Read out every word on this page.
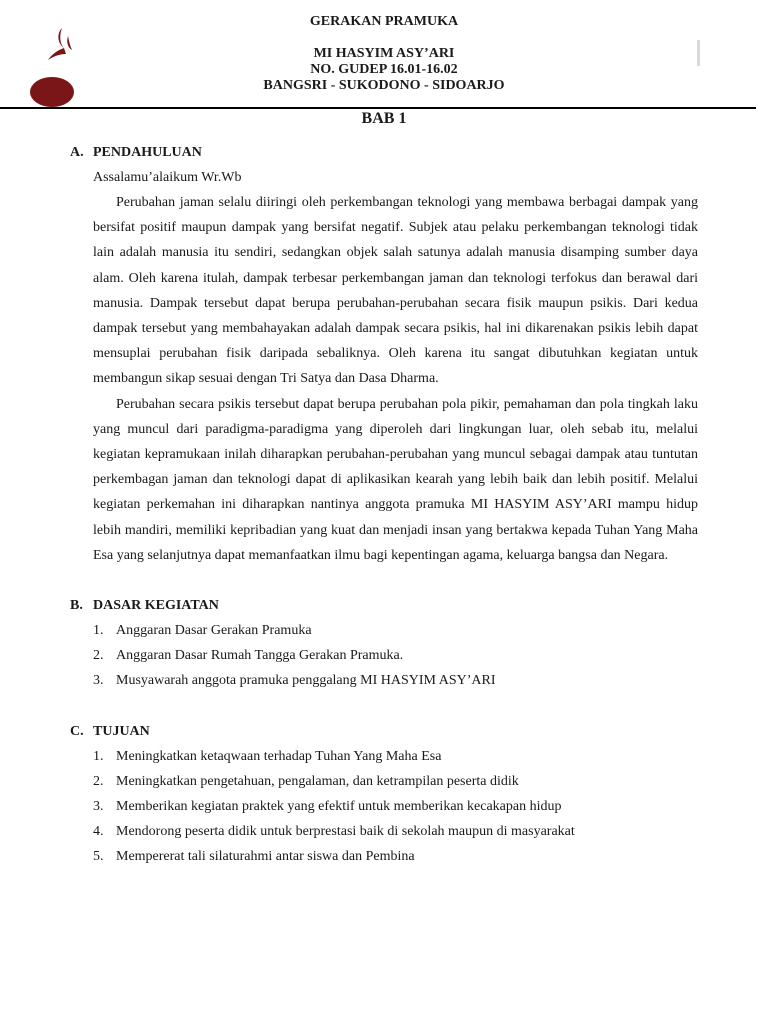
GERAKAN PRAMUKA
MI HASYIM ASY’ARI
NO. GUDEP 16.01-16.02
BANGSRI - SUKODONO - SIDOARJO
BAB 1
A. PENDAHULUAN
Assalamu’alaikum Wr.Wb

Perubahan jaman selalu diiringi oleh perkembangan teknologi yang membawa berbagai dampak yang bersifat positif maupun dampak yang bersifat negatif. Subjek atau pelaku perkembangan teknologi tidak lain adalah manusia itu sendiri, sedangkan objek salah satunya adalah manusia disamping sumber daya alam. Oleh karena itulah, dampak terbesar perkembangan jaman dan teknologi terfokus dan berawal dari manusia. Dampak tersebut dapat berupa perubahan-perubahan secara fisik maupun psikis. Dari kedua dampak tersebut yang membahayakan adalah dampak secara psikis, hal ini dikarenakan psikis lebih dapat mensuplai perubahan fisik daripada sebaliknya. Oleh karena itu sangat dibutuhkan kegiatan untuk membangun sikap sesuai dengan Tri Satya dan Dasa Dharma.

Perubahan secara psikis tersebut dapat berupa perubahan pola pikir, pemahaman dan pola tingkah laku yang muncul dari paradigma-paradigma yang diperoleh dari lingkungan luar, oleh sebab itu, melalui kegiatan kepramukaan inilah diharapkan perubahan-perubahan yang muncul sebagai dampak atau tuntutan perkembagan jaman dan teknologi dapat di aplikasikan kearah yang lebih baik dan lebih positif. Melalui kegiatan perkemahan ini diharapkan nantinya anggota pramuka MI HASYIM ASY’ARI mampu hidup lebih mandiri, memiliki kepribadian yang kuat dan menjadi insan yang bertakwa kepada Tuhan Yang Maha Esa yang selanjutnya dapat memanfaatkan ilmu bagi kepentingan agama, keluarga bangsa dan Negara.

B. DASAR KEGIATAN
1. Anggaran Dasar Gerakan Pramuka
2. Anggaran Dasar Rumah Tangga Gerakan Pramuka.
3. Musyawarah anggota pramuka penggalang MI HASYIM ASY’ARI
C. TUJUAN
1. Meningkatkan ketaqwaan terhadap Tuhan Yang Maha Esa
2. Meningkatkan pengetahuan, pengalaman, dan ketrampilan peserta didik
3. Memberikan kegiatan praktek yang efektif untuk memberikan kecakapan hidup
4. Mendorong peserta didik untuk berprestasi baik di sekolah maupun di masyarakat
5. Mempererat tali silaturahmi antar siswa dan Pembina
